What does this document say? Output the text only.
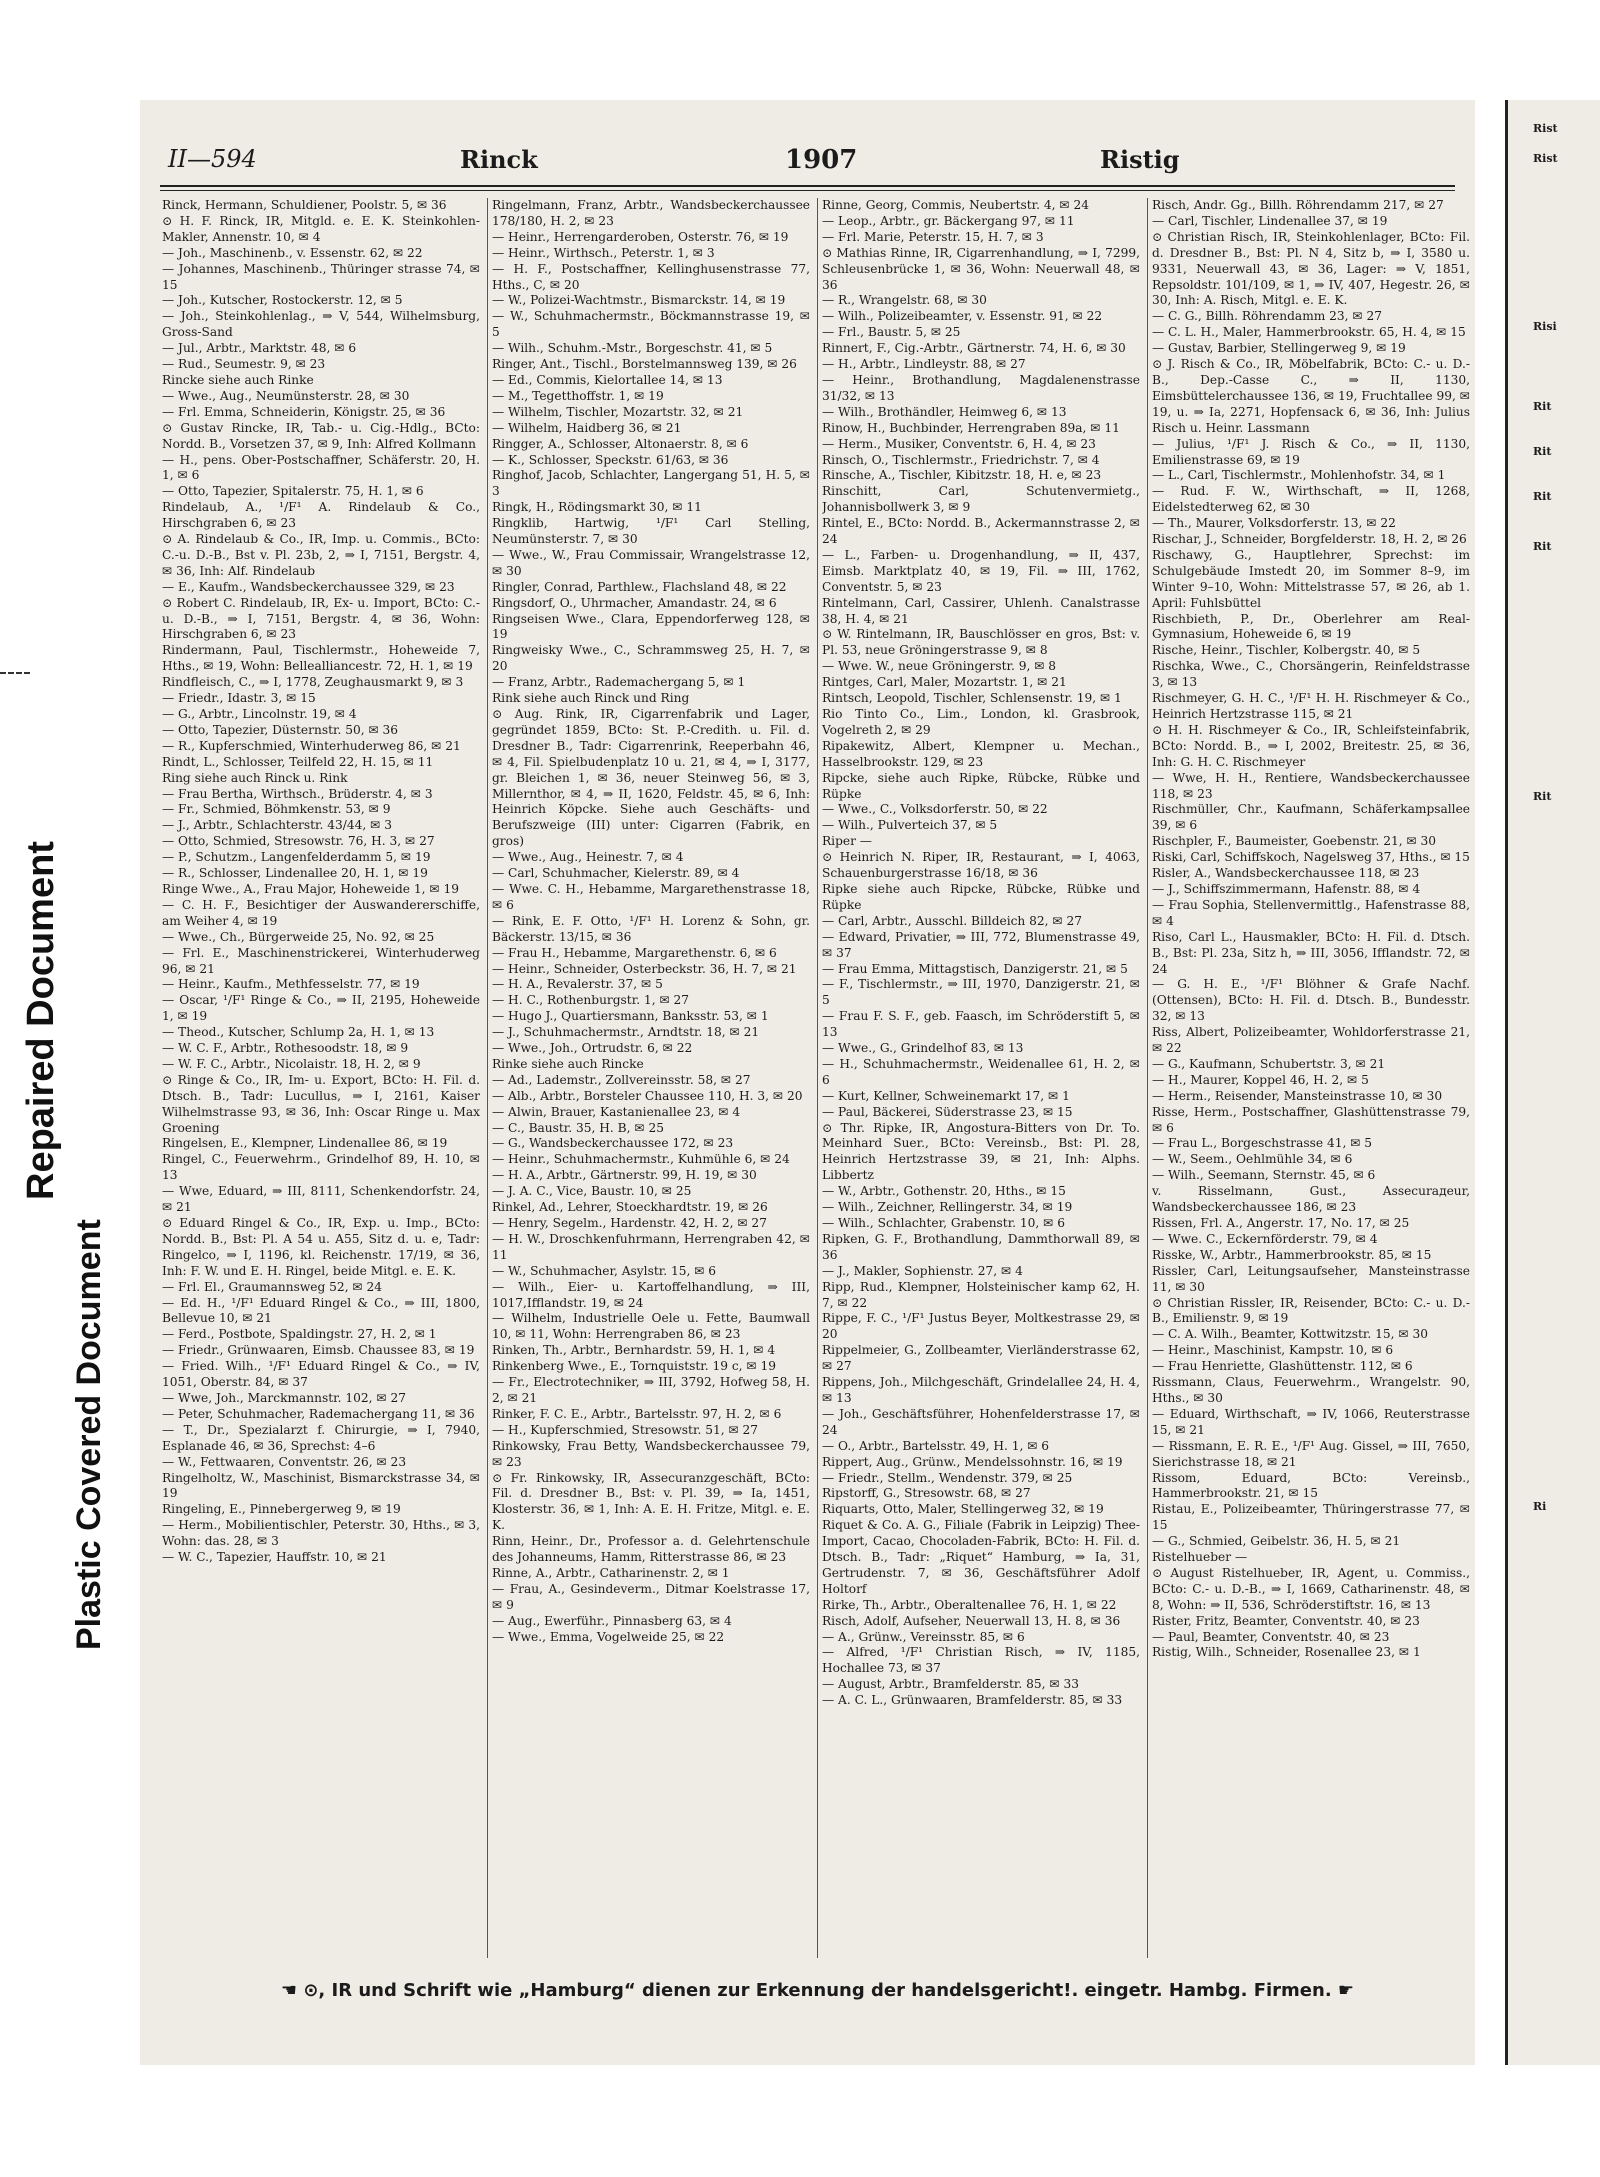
Repaired Document
Plastic Covered Document
II—594	Rinck	1907	Ristig

Rinck, Hermann, Schuldiener, Poolstr. 5, ✉ 36

⊙ H. F. Rinck, IR, Mitgld. e. E. K. Steinkohlen-Makler, Annenstr. 10, ✉ 4

— Joh., Maschinenb., v. Essenstr. 62, ✉ 22

— Johannes, Maschinenb., Thüringer strasse 74, ✉ 15

— Joh., Kutscher, Rostockerstr. 12, ✉ 5

— Joh., Steinkohlenlag., ⇒ V, 544, Wilhelmsburg, Gross-Sand

— Jul., Arbtr., Marktstr. 48, ✉ 6

— Rud., Seumestr. 9, ✉ 23

Rincke siehe auch Rinke

— Wwe., Aug., Neumünsterstr. 28, ✉ 30

— Frl. Emma, Schneiderin, Königstr. 25, ✉ 36

⊙ Gustav Rincke, IR, Tab.- u. Cig.-Hdlg., BCto: Nordd. B., Vorsetzen 37, ✉ 9, Inh: Alfred Kollmann

— H., pens. Ober-Postschaffner, Schäferstr. 20, H. 1, ✉ 6

— Otto, Tapezier, Spitalerstr. 75, H. 1, ✉ 6

Rindelaub, A., ¹/F¹ A. Rindelaub & Co., Hirschgraben 6, ✉ 23

⊙ A. Rindelaub & Co., IR, Imp. u. Commis., BCto: C.-u. D.-B., Bst v. Pl. 23b, 2, ⇒ I, 7151, Bergstr. 4, ✉ 36, Inh: Alf. Rindelaub

— E., Kaufm., Wandsbeckerchaussee 329, ✉ 23

⊙ Robert C. Rindelaub, IR, Ex- u. Import, BCto: C.- u. D.-B., ⇒ I, 7151, Bergstr. 4, ✉ 36, Wohn: Hirschgraben 6, ✉ 23

Rindermann, Paul, Tischlermstr., Hoheweide 7, Hths., ✉ 19, Wohn: Bellealliancestr. 72, H. 1, ✉ 19

Rindfleisch, C., ⇒ I, 1778, Zeughausmarkt 9, ✉ 3

— Friedr., Idastr. 3, ✉ 15

— G., Arbtr., Lincolnstr. 19, ✉ 4

— Otto, Tapezier, Düsternstr. 50, ✉ 36

— R., Kupferschmied, Winterhuderweg 86, ✉ 21

Rindt, L., Schlosser, Teilfeld 22, H. 15, ✉ 11

Ring siehe auch Rinck u. Rink

— Frau Bertha, Wirthsch., Brüderstr. 4, ✉ 3

— Fr., Schmied, Böhmkenstr. 53, ✉ 9

— J., Arbtr., Schlachterstr. 43/44, ✉ 3

— Otto, Schmied, Stresowstr. 76, H. 3, ✉ 27

— P., Schutzm., Langenfelderdamm 5, ✉ 19

— R., Schlosser, Lindenallee 20, H. 1, ✉ 19

Ringe Wwe., A., Frau Major, Hoheweide 1, ✉ 19

— C. H. F., Besichtiger der Auswandererschiffe, am Weiher 4, ✉ 19

— Wwe., Ch., Bürgerweide 25, No. 92, ✉ 25

— Frl. E., Maschinenstrickerei, Winterhuderweg 96, ✉ 21

— Heinr., Kaufm., Methfesselstr. 77, ✉ 19

— Oscar, ¹/F¹ Ringe & Co., ⇒ II, 2195, Hoheweide 1, ✉ 19

— Theod., Kutscher, Schlump 2a, H. 1, ✉ 13

— W. C. F., Arbtr., Rothesoodstr. 18, ✉ 9

— W. F. C., Arbtr., Nicolaistr. 18, H. 2, ✉ 9

⊙ Ringe & Co., IR, Im- u. Export, BCto: H. Fil. d. Dtsch. B., Tadr: Lucullus, ⇒ I, 2161, Kaiser Wilhelmstrasse 93, ✉ 36, Inh: Oscar Ringe u. Max Groening

Ringelsen, E., Klempner, Lindenallee 86, ✉ 19

Ringel, C., Feuerwehrm., Grindelhof 89, H. 10, ✉ 13

— Wwe, Eduard, ⇒ III, 8111, Schenkendorfstr. 24, ✉ 21

⊙ Eduard Ringel & Co., IR, Exp. u. Imp., BCto: Nordd. B., Bst: Pl. A 54 u. A55, Sitz d. u. e, Tadr: Ringelco, ⇒ I, 1196, kl. Reichenstr. 17/19, ✉ 36, Inh: F. W. und E. H. Ringel, beide Mitgl. e. E. K.

— Frl. El., Graumannsweg 52, ✉ 24

— Ed. H., ¹/F¹ Eduard Ringel & Co., ⇒ III, 1800, Bellevue 10, ✉ 21

— Ferd., Postbote, Spaldingstr. 27, H. 2, ✉ 1

— Friedr., Grünwaaren, Eimsb. Chaussee 83, ✉ 19

— Fried. Wilh., ¹/F¹ Eduard Ringel & Co., ⇒ IV, 1051, Oberstr. 84, ✉ 37

— Wwe, Joh., Marckmannstr. 102, ✉ 27

— Peter, Schuhmacher, Rademachergang 11, ✉ 36

— T., Dr., Spezialarzt f. Chirurgie, ⇒ I, 7940, Esplanade 46, ✉ 36, Sprechst: 4–6

— W., Fettwaaren, Conventstr. 26, ✉ 23

Ringelholtz, W., Maschinist, Bismarckstrasse 34, ✉ 19

Ringeling, E., Pinnebergerweg 9, ✉ 19

— Herm., Mobilientischler, Peterstr. 30, Hths., ✉ 3, Wohn: das. 28, ✉ 3

— W. C., Tapezier, Hauffstr. 10, ✉ 21

Ringelmann, Franz, Arbtr., Wandsbeckerchaussee 178/180, H. 2, ✉ 23

— Heinr., Herrengarderoben, Osterstr. 76, ✉ 19

— Heinr., Wirthsch., Peterstr. 1, ✉ 3

— H. F., Postschaffner, Kellinghusenstrasse 77, Hths., C, ✉ 20

— W., Polizei-Wachtmstr., Bismarckstr. 14, ✉ 19

— W., Schuhmachermstr., Böckmannstrasse 19, ✉ 5

— Wilh., Schuhm.-Mstr., Borgeschstr. 41, ✉ 5

Ringer, Ant., Tischl., Borstelmannsweg 139, ✉ 26

— Ed., Commis, Kielortallee 14, ✉ 13

— M., Tegetthoffstr. 1, ✉ 19

— Wilhelm, Tischler, Mozartstr. 32, ✉ 21

— Wilhelm, Haidberg 36, ✉ 21

Ringger, A., Schlosser, Altonaerstr. 8, ✉ 6

— K., Schlosser, Speckstr. 61/63, ✉ 36

Ringhof, Jacob, Schlachter, Langergang 51, H. 5, ✉ 3

Ringk, H., Rödingsmarkt 30, ✉ 11

Ringklib, Hartwig, ¹/F¹ Carl Stelling, Neumünsterstr. 7, ✉ 30

— Wwe., W., Frau Commissair, Wrangelstrasse 12, ✉ 30

Ringler, Conrad, Parthlew., Flachsland 48, ✉ 22

Ringsdorf, O., Uhrmacher, Amandastr. 24, ✉ 6

Ringseisen Wwe., Clara, Eppendorferweg 128, ✉ 19

Ringweisky Wwe., C., Schrammsweg 25, H. 7, ✉ 20

— Franz, Arbtr., Rademachergang 5, ✉ 1

Rink siehe auch Rinck und Ring

⊙ Aug. Rink, IR, Cigarrenfabrik und Lager, gegründet 1859, BCto: St. P.-Credith. u. Fil. d. Dresdner B., Tadr: Cigarrenrink, Reeperbahn 46, ✉ 4, Fil. Spielbudenplatz 10 u. 21, ✉ 4, ⇒ I, 3177, gr. Bleichen 1, ✉ 36, neuer Steinweg 56, ✉ 3, Millernthor, ✉ 4, ⇒ II, 1620, Feldstr. 45, ✉ 6, Inh: Heinrich Köpcke. Siehe auch Geschäfts- und Berufszweige (III) unter: Cigarren (Fabrik, en gros)

— Wwe., Aug., Heinestr. 7, ✉ 4

— Carl, Schuhmacher, Kielerstr. 89, ✉ 4

— Wwe. C. H., Hebamme, Margarethenstrasse 18, ✉ 6

— Rink, E. F. Otto, ¹/F¹ H. Lorenz & Sohn, gr. Bäckerstr. 13/15, ✉ 36

— Frau H., Hebamme, Margarethenstr. 6, ✉ 6

— Heinr., Schneider, Osterbeckstr. 36, H. 7, ✉ 21

— H. A., Revalerstr. 37, ✉ 5

— H. C., Rothenburgstr. 1, ✉ 27

— Hugo J., Quartiersmann, Banksstr. 53, ✉ 1

— J., Schuhmachermstr., Arndtstr. 18, ✉ 21

— Wwe., Joh., Ortrudstr. 6, ✉ 22

Rinke siehe auch Rincke

— Ad., Lademstr., Zollvereinsstr. 58, ✉ 27

— Alb., Arbtr., Borsteler Chaussee 110, H. 3, ✉ 20

— Alwin, Brauer, Kastanienallee 23, ✉ 4

— C., Baustr. 35, H. B, ✉ 25

— G., Wandsbeckerchaussee 172, ✉ 23

— Heinr., Schuhmachermstr., Kuhmühle 6, ✉ 24

— H. A., Arbtr., Gärtnerstr. 99, H. 19, ✉ 30

— J. A. C., Vice, Baustr. 10, ✉ 25

Rinkel, Ad., Lehrer, Stoeckhardtstr. 19, ✉ 26

— Henry, Segelm., Hardenstr. 42, H. 2, ✉ 27

— H. W., Droschkenfuhrmann, Herrengraben 42, ✉ 11

— W., Schuhmacher, Asylstr. 15, ✉ 6

— Wilh., Eier- u. Kartoffelhandlung, ⇒ III, 1017,Ifflandstr. 19, ✉ 24

— Wilhelm, Industrielle Oele u. Fette, Baumwall 10, ✉ 11, Wohn: Herrengraben 86, ✉ 23

Rinken, Th., Arbtr., Bernhardstr. 59, H. 1, ✉ 4

Rinkenberg Wwe., E., Tornquiststr. 19 c, ✉ 19

— Fr., Electrotechniker, ⇒ III, 3792, Hofweg 58, H. 2, ✉ 21

Rinker, F. C. E., Arbtr., Bartelsstr. 97, H. 2, ✉ 6

— H., Kupferschmied, Stresowstr. 51, ✉ 27

Rinkowsky, Frau Betty, Wandsbeckerchaussee 79, ✉ 23

⊙ Fr. Rinkowsky, IR, Assecuranzgeschäft, BCto: Fil. d. Dresdner B., Bst: v. Pl. 39, ⇒ Ia, 1451, Klosterstr. 36, ✉ 1, Inh: A. E. H. Fritze, Mitgl. e. E. K.

Rinn, Heinr., Dr., Professor a. d. Gelehrtenschule des Johanneums, Hamm, Ritterstrasse 86, ✉ 23

Rinne, A., Arbtr., Catharinenstr. 2, ✉ 1

— Frau, A., Gesindeverm., Ditmar Koelstrasse 17, ✉ 9

— Aug., Ewerführ., Pinnasberg 63, ✉ 4

— Wwe., Emma, Vogelweide 25, ✉ 22

Rinne, Georg, Commis, Neubertstr. 4, ✉ 24

— Leop., Arbtr., gr. Bäckergang 97, ✉ 11

— Frl. Marie, Peterstr. 15, H. 7, ✉ 3

⊙ Mathias Rinne, IR, Cigarrenhandlung, ⇒ I, 7299, Schleusenbrücke 1, ✉ 36, Wohn: Neuerwall 48, ✉ 36

— R., Wrangelstr. 68, ✉ 30

— Wilh., Polizeibeamter, v. Essenstr. 91, ✉ 22

— Frl., Baustr. 5, ✉ 25

Rinnert, F., Cig.-Arbtr., Gärtnerstr. 74, H. 6, ✉ 30

— H., Arbtr., Lindleystr. 88, ✉ 27

— Heinr., Brothandlung, Magdalenenstrasse 31/32, ✉ 13

— Wilh., Brothändler, Heimweg 6, ✉ 13

Rinow, H., Buchbinder, Herrengraben 89a, ✉ 11

— Herm., Musiker, Conventstr. 6, H. 4, ✉ 23

Rinsch, O., Tischlermstr., Friedrichstr. 7, ✉ 4

Rinsche, A., Tischler, Kibitzstr. 18, H. e, ✉ 23

Rinschitt, Carl, Schutenvermietg., Johannisbollwerk 3, ✉ 9

Rintel, E., BCto: Nordd. B., Ackermannstrasse 2, ✉ 24

— L., Farben- u. Drogenhandlung, ⇒ II, 437, Eimsb. Marktplatz 40, ✉ 19, Fil. ⇒ III, 1762, Conventstr. 5, ✉ 23

Rintelmann, Carl, Cassirer, Uhlenh. Canalstrasse 38, H. 4, ✉ 21

⊙ W. Rintelmann, IR, Bauschlösser en gros, Bst: v. Pl. 53, neue Gröningerstrasse 9, ✉ 8

— Wwe. W., neue Gröningerstr. 9, ✉ 8

Rintges, Carl, Maler, Mozartstr. 1, ✉ 21

Rintsch, Leopold, Tischler, Schlensenstr. 19, ✉ 1

Rio Tinto Co., Lim., London, kl. Grasbrook, Vogelreth 2, ✉ 29

Ripakewitz, Albert, Klempner u. Mechan., Hasselbrookstr. 129, ✉ 23

Ripcke, siehe auch Ripke, Rübcke, Rübke und Rüpke

— Wwe., C., Volksdorferstr. 50, ✉ 22

— Wilh., Pulverteich 37, ✉ 5

Riper —

⊙ Heinrich N. Riper, IR, Restaurant, ⇒ I, 4063, Schauenburgerstrasse 16/18, ✉ 36

Ripke siehe auch Ripcke, Rübcke, Rübke und Rüpke

— Carl, Arbtr., Ausschl. Billdeich 82, ✉ 27

— Edward, Privatier, ⇒ III, 772, Blumenstrasse 49, ✉ 37

— Frau Emma, Mittagstisch, Danzigerstr. 21, ✉ 5

— F., Tischlermstr., ⇒ III, 1970, Danzigerstr. 21, ✉ 5

— Frau F. S. F., geb. Faasch, im Schröderstift 5, ✉ 13

— Wwe., G., Grindelhof 83, ✉ 13

— H., Schuhmachermstr., Weidenallee 61, H. 2, ✉ 6

— Kurt, Kellner, Schweinemarkt 17, ✉ 1

— Paul, Bäckerei, Süderstrasse 23, ✉ 15

⊙ Thr. Ripke, IR, Angostura-Bitters von Dr. To. Meinhard Suer., BCto: Vereinsb., Bst: Pl. 28, Heinrich Hertzstrasse 39, ✉ 21, Inh: Alphs. Libbertz

— W., Arbtr., Gothenstr. 20, Hths., ✉ 15

— Wilh., Zeichner, Rellingerstr. 34, ✉ 19

— Wilh., Schlachter, Grabenstr. 10, ✉ 6

Ripken, G. F., Brothandlung, Dammthorwall 89, ✉ 36

— J., Makler, Sophienstr. 27, ✉ 4

Ripp, Rud., Klempner, Holsteinischer kamp 62, H. 7, ✉ 22

Rippe, F. C., ¹/F¹ Justus Beyer, Moltkestrasse 29, ✉ 20

Rippelmeier, G., Zollbeamter, Vierländerstrasse 62, ✉ 27

Rippens, Joh., Milchgeschäft, Grindelallee 24, H. 4, ✉ 13

— Joh., Geschäftsführer, Hohenfelderstrasse 17, ✉ 24

— O., Arbtr., Bartelsstr. 49, H. 1, ✉ 6

Rippert, Aug., Grünw., Mendelssohnstr. 16, ✉ 19

— Friedr., Stellm., Wendenstr. 379, ✉ 25

Ripstorff, G., Stresowstr. 68, ✉ 27

Riquarts, Otto, Maler, Stellingerweg 32, ✉ 19

Riquet & Co. A. G., Filiale (Fabrik in Leipzig) Thee-Import, Cacao, Chocoladen-Fabrik, BCto: H. Fil. d. Dtsch. B., Tadr: „Riquet“ Hamburg, ⇒ Ia, 31, Gertrudenstr. 7, ✉ 36, Geschäftsführer Adolf Holtorf

Rirke, Th., Arbtr., Oberaltenallee 76, H. 1, ✉ 22

Risch, Adolf, Aufseher, Neuerwall 13, H. 8, ✉ 36

— A., Grünw., Vereinsstr. 85, ✉ 6

— Alfred, ¹/F¹ Christian Risch, ⇒ IV, 1185, Hochallee 73, ✉ 37

— August, Arbtr., Bramfelderstr. 85, ✉ 33

— A. C. L., Grünwaaren, Bramfelderstr. 85, ✉ 33

Risch, Andr. Gg., Billh. Röhrendamm 217, ✉ 27

— Carl, Tischler, Lindenallee 37, ✉ 19

⊙ Christian Risch, IR, Steinkohlenlager, BCto: Fil. d. Dresdner B., Bst: Pl. N 4, Sitz b, ⇒ I, 3580 u. 9331, Neuerwall 43, ✉ 36, Lager: ⇒ V, 1851, Repsoldstr. 101/109, ✉ 1, ⇒ IV, 407, Hegestr. 26, ✉ 30, Inh: A. Risch, Mitgl. e. E. K.

— C. G., Billh. Röhrendamm 23, ✉ 27

— C. L. H., Maler, Hammerbrookstr. 65, H. 4, ✉ 15

— Gustav, Barbier, Stellingerweg 9, ✉ 19

⊙ J. Risch & Co., IR, Möbelfabrik, BCto: C.- u. D.-B., Dep.-Casse C., ⇒ II, 1130, Eimsbüttelerchaussee 136, ✉ 19, Fruchtallee 99, ✉ 19, u. ⇒ Ia, 2271, Hopfensack 6, ✉ 36, Inh: Julius Risch u. Heinr. Lassmann

— Julius, ¹/F¹ J. Risch & Co., ⇒ II, 1130, Emilienstrasse 69, ✉ 19

— L., Carl, Tischlermstr., Mohlenhofstr. 34, ✉ 1

— Rud. F. W., Wirthschaft, ⇒ II, 1268, Eidelstedterweg 62, ✉ 30

— Th., Maurer, Volksdorferstr. 13, ✉ 22

Rischar, J., Schneider, Borgfelderstr. 18, H. 2, ✉ 26

Rischawy, G., Hauptlehrer, Sprechst: im Schulgebäude Imstedt 20, im Sommer 8–9, im Winter 9–10, Wohn: Mittelstrasse 57, ✉ 26, ab 1. April: Fuhlsbüttel

Rischbieth, P., Dr., Oberlehrer am Real-Gymnasium, Hoheweide 6, ✉ 19

Rische, Heinr., Tischler, Kolbergstr. 40, ✉ 5

Rischka, Wwe., C., Chorsängerin, Reinfeldstrasse 3, ✉ 13

Rischmeyer, G. H. C., ¹/F¹ H. H. Rischmeyer & Co., Heinrich Hertzstrasse 115, ✉ 21

⊙ H. H. Rischmeyer & Co., IR, Schleifsteinfabrik, BCto: Nordd. B., ⇒ I, 2002, Breitestr. 25, ✉ 36, Inh: G. H. C. Rischmeyer

— Wwe, H. H., Rentiere, Wandsbeckerchaussee 118, ✉ 23

Rischmüller, Chr., Kaufmann, Schäferkampsallee 39, ✉ 6

Rischpler, F., Baumeister, Goebenstr. 21, ✉ 30

Riski, Carl, Schiffskoch, Nagelsweg 37, Hths., ✉ 15

Risler, A., Wandsbeckerchaussee 118, ✉ 23

— J., Schiffszimmermann, Hafenstr. 88, ✉ 4

— Frau Sophia, Stellenvermittlg., Hafenstrasse 88, ✉ 4

Riso, Carl L., Hausmakler, BCto: H. Fil. d. Dtsch. B., Bst: Pl. 23a, Sitz h, ⇒ III, 3056, Ifflandstr. 72, ✉ 24

— G. H. E., ¹/F¹ Blöhner & Grafe Nachf. (Ottensen), BCto: H. Fil. d. Dtsch. B., Bundesstr. 32, ✉ 13

Riss, Albert, Polizeibeamter, Wohldorferstrasse 21, ✉ 22

— G., Kaufmann, Schubertstr. 3, ✉ 21

— H., Maurer, Koppel 46, H. 2, ✉ 5

— Herm., Reisender, Mansteinstrasse 10, ✉ 30

Risse, Herm., Postschaffner, Glashüttenstrasse 79, ✉ 6

— Frau L., Borgeschstrasse 41, ✉ 5

— W., Seem., Oehlmühle 34, ✉ 6

— Wilh., Seemann, Sternstr. 45, ✉ 6

v. Risselmann, Gust., Assecurадeur, Wandsbeckerchaussee 186, ✉ 23

Rissen, Frl. A., Angerstr. 17, No. 17, ✉ 25

— Wwe. C., Eckernförderstr. 79, ✉ 4

Risske, W., Arbtr., Hammerbrookstr. 85, ✉ 15

Rissler, Carl, Leitungsaufseher, Mansteinstrasse 11, ✉ 30

⊙ Christian Rissler, IR, Reisender, BCto: C.- u. D.-B., Emilienstr. 9, ✉ 19

— C. A. Wilh., Beamter, Kottwitzstr. 15, ✉ 30

— Heinr., Maschinist, Kampstr. 10, ✉ 6

— Frau Henriette, Glashüttenstr. 112, ✉ 6

Rissmann, Claus, Feuerwehrm., Wrangelstr. 90, Hths., ✉ 30

— Eduard, Wirthschaft, ⇒ IV, 1066, Reuterstrasse 15, ✉ 21

— Rissmann, E. R. E., ¹/F¹ Aug. Gissel, ⇒ III, 7650, Sierichstrasse 18, ✉ 21

Rissom, Eduard, BCto: Vereinsb., Hammerbrookstr. 21, ✉ 15

Ristau, E., Polizeibeamter, Thüringerstrasse 77, ✉ 15

— G., Schmied, Geibelstr. 36, H. 5, ✉ 21

Ristelhueber —

⊙ August Ristelhueber, IR, Agent, u. Commiss., BCto: C.- u. D.-B., ⇒ I, 1669, Catharinenstr. 48, ✉ 8, Wohn: ⇒ II, 536, Schröderstiftstr. 16, ✉ 13

Rister, Fritz, Beamter, Conventstr. 40, ✉ 23

— Paul, Beamter, Conventstr. 40, ✉ 23

Ristig, Wilh., Schneider, Rosenallee 23, ✉ 1

☚ ⊙, IR und Schrift wie „Hamburg“ dienen zur Erkennung der handelsgericht!. eingetr. Hambg. Firmen. ☛
Rist
Rist
Risi
Rit
Rit
Rit
Rit
Rit
Ri
